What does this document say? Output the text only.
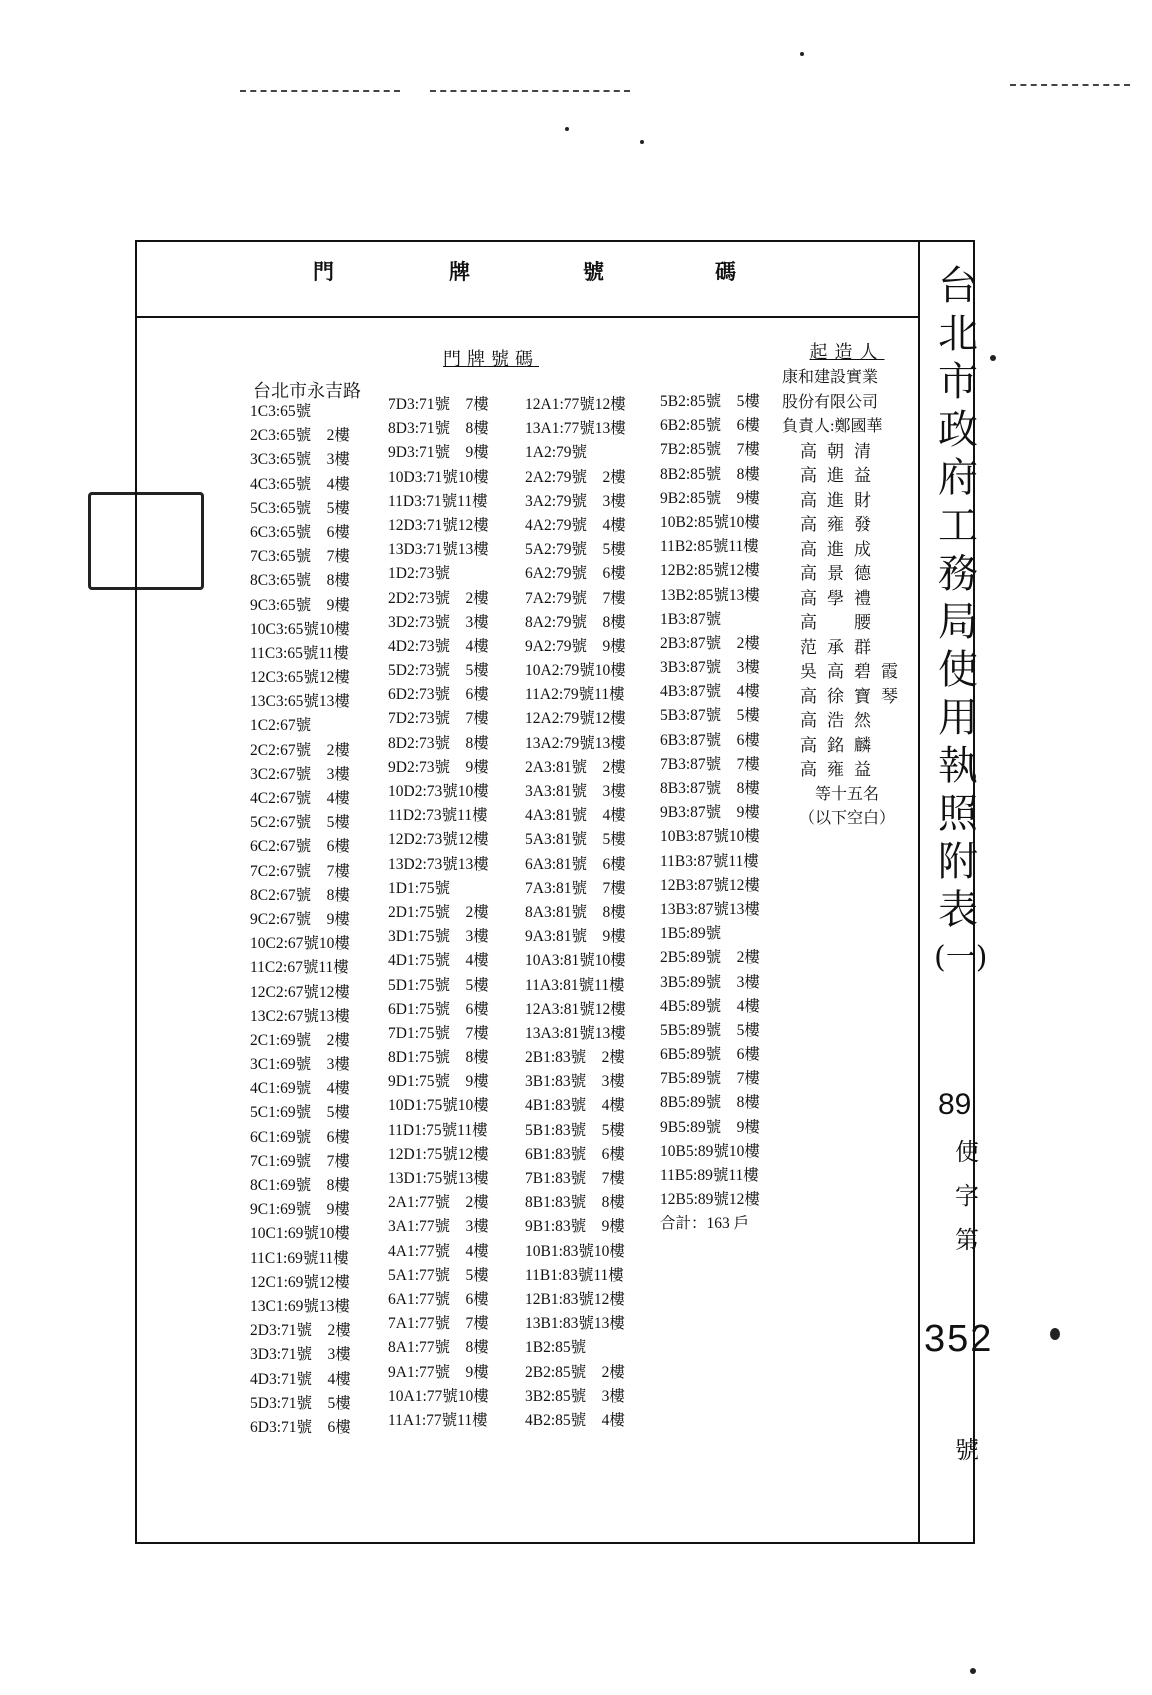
門	牌	號	碼
門牌號碼
台北市永吉路
1C3:65號
2C3:65號　2樓
3C3:65號　3樓
4C3:65號　4樓
5C3:65號　5樓
6C3:65號　6樓
7C3:65號　7樓
8C3:65號　8樓
9C3:65號　9樓
10C3:65號10樓
11C3:65號11樓
12C3:65號12樓
13C3:65號13樓
1C2:67號
2C2:67號　2樓
3C2:67號　3樓
4C2:67號　4樓
5C2:67號　5樓
6C2:67號　6樓
7C2:67號　7樓
8C2:67號　8樓
9C2:67號　9樓
10C2:67號10樓
11C2:67號11樓
12C2:67號12樓
13C2:67號13樓
2C1:69號　2樓
3C1:69號　3樓
4C1:69號　4樓
5C1:69號　5樓
6C1:69號　6樓
7C1:69號　7樓
8C1:69號　8樓
9C1:69號　9樓
10C1:69號10樓
11C1:69號11樓
12C1:69號12樓
13C1:69號13樓
2D3:71號　2樓
3D3:71號　3樓
4D3:71號　4樓
5D3:71號　5樓
6D3:71號　6樓
7D3:71號　7樓
8D3:71號　8樓
9D3:71號　9樓
10D3:71號10樓
11D3:71號11樓
12D3:71號12樓
13D3:71號13樓
1D2:73號
2D2:73號　2樓
3D2:73號　3樓
4D2:73號　4樓
5D2:73號　5樓
6D2:73號　6樓
7D2:73號　7樓
8D2:73號　8樓
9D2:73號　9樓
10D2:73號10樓
11D2:73號11樓
12D2:73號12樓
13D2:73號13樓
1D1:75號
2D1:75號　2樓
3D1:75號　3樓
4D1:75號　4樓
5D1:75號　5樓
6D1:75號　6樓
7D1:75號　7樓
8D1:75號　8樓
9D1:75號　9樓
10D1:75號10樓
11D1:75號11樓
12D1:75號12樓
13D1:75號13樓
2A1:77號　2樓
3A1:77號　3樓
4A1:77號　4樓
5A1:77號　5樓
6A1:77號　6樓
7A1:77號　7樓
8A1:77號　8樓
9A1:77號　9樓
10A1:77號10樓
11A1:77號11樓
12A1:77號12樓
13A1:77號13樓
1A2:79號
2A2:79號　2樓
3A2:79號　3樓
4A2:79號　4樓
5A2:79號　5樓
6A2:79號　6樓
7A2:79號　7樓
8A2:79號　8樓
9A2:79號　9樓
10A2:79號10樓
11A2:79號11樓
12A2:79號12樓
13A2:79號13樓
2A3:81號　2樓
3A3:81號　3樓
4A3:81號　4樓
5A3:81號　5樓
6A3:81號　6樓
7A3:81號　7樓
8A3:81號　8樓
9A3:81號　9樓
10A3:81號10樓
11A3:81號11樓
12A3:81號12樓
13A3:81號13樓
2B1:83號　2樓
3B1:83號　3樓
4B1:83號　4樓
5B1:83號　5樓
6B1:83號　6樓
7B1:83號　7樓
8B1:83號　8樓
9B1:83號　9樓
10B1:83號10樓
11B1:83號11樓
12B1:83號12樓
13B1:83號13樓
1B2:85號
2B2:85號　2樓
3B2:85號　3樓
4B2:85號　4樓
5B2:85號　5樓
6B2:85號　6樓
7B2:85號　7樓
8B2:85號　8樓
9B2:85號　9樓
10B2:85號10樓
11B2:85號11樓
12B2:85號12樓
13B2:85號13樓
1B3:87號
2B3:87號　2樓
3B3:87號　3樓
4B3:87號　4樓
5B3:87號　5樓
6B3:87號　6樓
7B3:87號　7樓
8B3:87號　8樓
9B3:87號　9樓
10B3:87號10樓
11B3:87號11樓
12B3:87號12樓
13B3:87號13樓
1B5:89號
2B5:89號　2樓
3B5:89號　3樓
4B5:89號　4樓
5B5:89號　5樓
6B5:89號　6樓
7B5:89號　7樓
8B5:89號　8樓
9B5:89號　9樓
10B5:89號10樓
11B5:89號11樓
12B5:89號12樓
合計：163 戶
起造人
康和建設實業
股份有限公司
負責人:鄭國華
高朝清
高進益
高進財
高雍發
高進成
高景德
高學禮
高　腰
范承群
吳高碧霞
高徐寶琴
高浩然
高銘麟
高雍益
等十五名
（以下空白）
台
北
市
政
府
工
務
局
使
用
執
照
附
表
(一)
89
使
字
第
352
號
